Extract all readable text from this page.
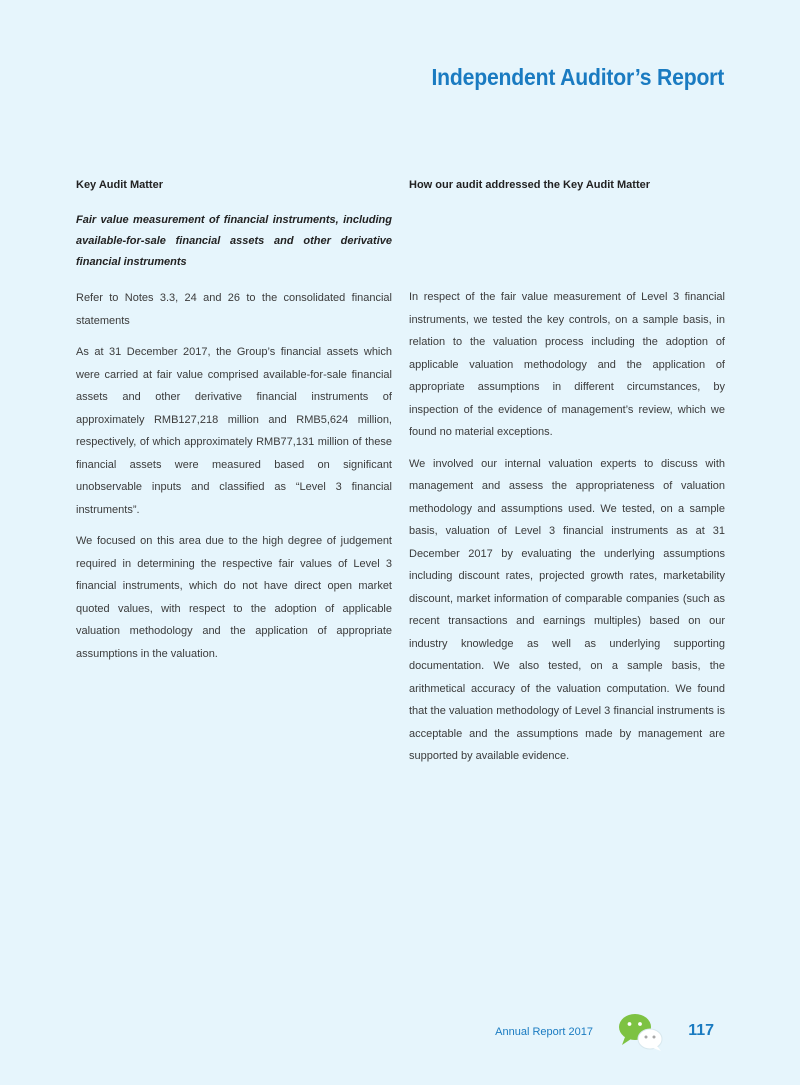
Independent Auditor’s Report
Key Audit Matter
Fair value measurement of financial instruments, including available-for-sale financial assets and other derivative financial instruments

Refer to Notes 3.3, 24 and 26 to the consolidated financial statements

As at 31 December 2017, the Group’s financial assets which were carried at fair value comprised available-for-sale financial assets and other derivative financial instruments of approximately RMB127,218 million and RMB5,624 million, respectively, of which approximately RMB77,131 million of these financial assets were measured based on significant unobservable inputs and classified as “Level 3 financial instruments”.

We focused on this area due to the high degree of judgement required in determining the respective fair values of Level 3 financial instruments, which do not have direct open market quoted values, with respect to the adoption of applicable valuation methodology and the application of appropriate assumptions in the valuation.

How our audit addressed the Key Audit Matter

In respect of the fair value measurement of Level 3 financial instruments, we tested the key controls, on a sample basis, in relation to the valuation process including the adoption of applicable valuation methodology and the application of appropriate assumptions in different circumstances, by inspection of the evidence of management’s review, which we found no material exceptions.

We involved our internal valuation experts to discuss with management and assess the appropriateness of valuation methodology and assumptions used. We tested, on a sample basis, valuation of Level 3 financial instruments as at 31 December 2017 by evaluating the underlying assumptions including discount rates, projected growth rates, marketability discount, market information of comparable companies (such as recent transactions and earnings multiples) based on our industry knowledge as well as underlying supporting documentation. We also tested, on a sample basis, the arithmetical accuracy of the valuation computation. We found that the valuation methodology of Level 3 financial instruments is acceptable and the assumptions made by management are supported by available evidence.

Annual Report 2017	117
